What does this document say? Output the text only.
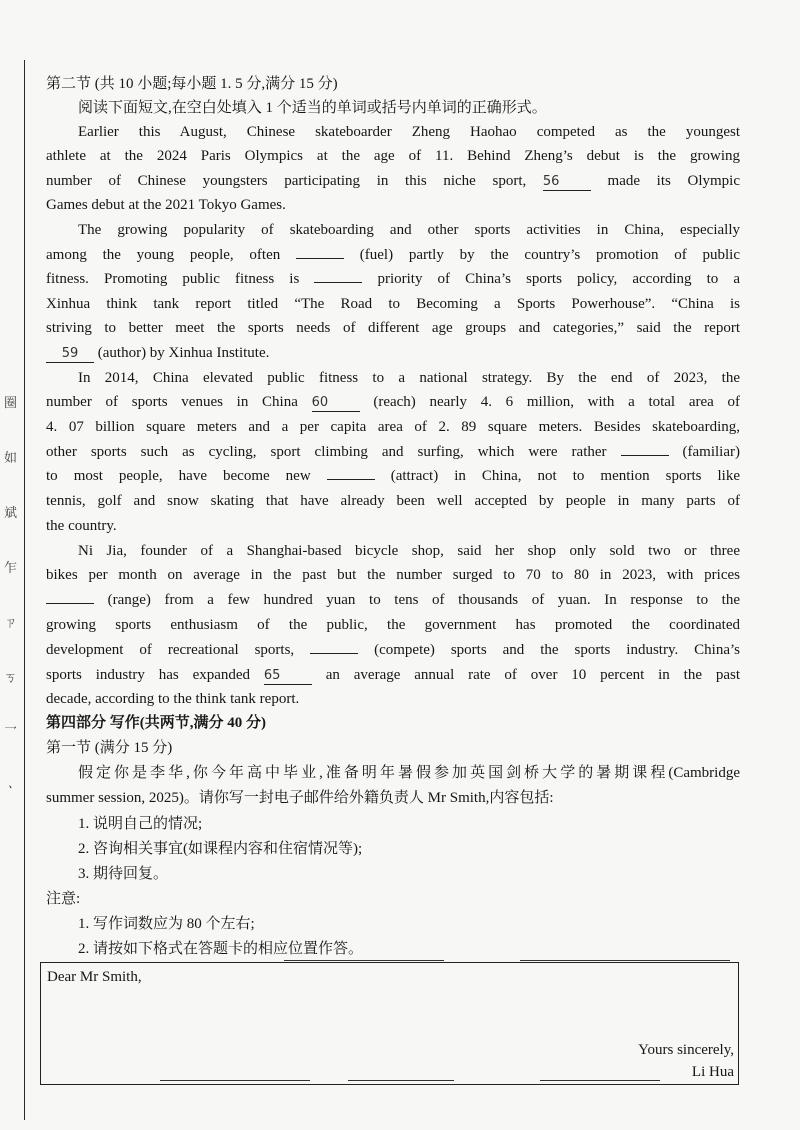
圈
如
斌
乍
ㄗ
ㄎ
乛
ㆍ
第二节 (共 10 小题;每小题 1. 5 分,满分 15 分)
阅读下面短文,在空白处填入 1 个适当的单词或括号内单词的正确形式。
Earlier this August, Chinese skateboarder Zheng Haohao competed as the youngest
athlete at the 2024 Paris Olympics at the age of 11. Behind Zheng’s debut is the growing
number of Chinese youngsters participating in this niche sport, 56	made its Olympic
Games debut at the 2021 Tokyo Games.
The growing popularity of skateboarding and other sports activities in China, especially
among the young people, often	(fuel) partly by the country’s promotion of public
fitness. Promoting public fitness is	priority of China’s sports policy, according to a
Xinhua think tank report titled “The Road to Becoming a Sports Powerhouse”. “China is
striving to better meet the sports needs of different age groups and categories,” said the report
59 (author) by Xinhua Institute.
In 2014, China elevated public fitness to a national strategy. By the end of 2023, the
number of sports venues in China 60	(reach) nearly 4. 6 million, with a total area of
4. 07 billion square meters and a per capita area of 2. 89 square meters. Besides skateboarding,
other sports such as cycling, sport climbing and surfing, which were rather	(familiar)
to most people, have become new	(attract) in China, not to mention sports like
tennis, golf and snow skating that have already been well accepted by people in many parts of
the country.
Ni Jia, founder of a Shanghai-based bicycle shop, said her shop only sold two or three
bikes per month on average in the past but the number surged to 70 to 80 in 2023, with prices
(range) from a few hundred yuan to tens of thousands of yuan. In response to the
growing sports enthusiasm of the public, the government has promoted the coordinated
development of recreational sports,	(compete) sports and the sports industry. China’s
sports industry has expanded 65	an average annual rate of over 10 percent in the past
decade, according to the think tank report.
第四部分 写作(共两节,满分 40 分)
第一节 (满分 15 分)
假定你是李华,你今年高中毕业,准备明年暑假参加英国剑桥大学的暑期课程(Cambridge
summer session, 2025)。请你写一封电子邮件给外籍负责人 Mr Smith,内容包括:
1. 说明自己的情况;
2. 咨询相关事宜(如课程内容和住宿情况等);
3. 期待回复。
注意:
1. 写作词数应为 80 个左右;
2. 请按如下格式在答题卡的相应位置作答。
Dear Mr Smith,
Yours sincerely,
Li Hua
